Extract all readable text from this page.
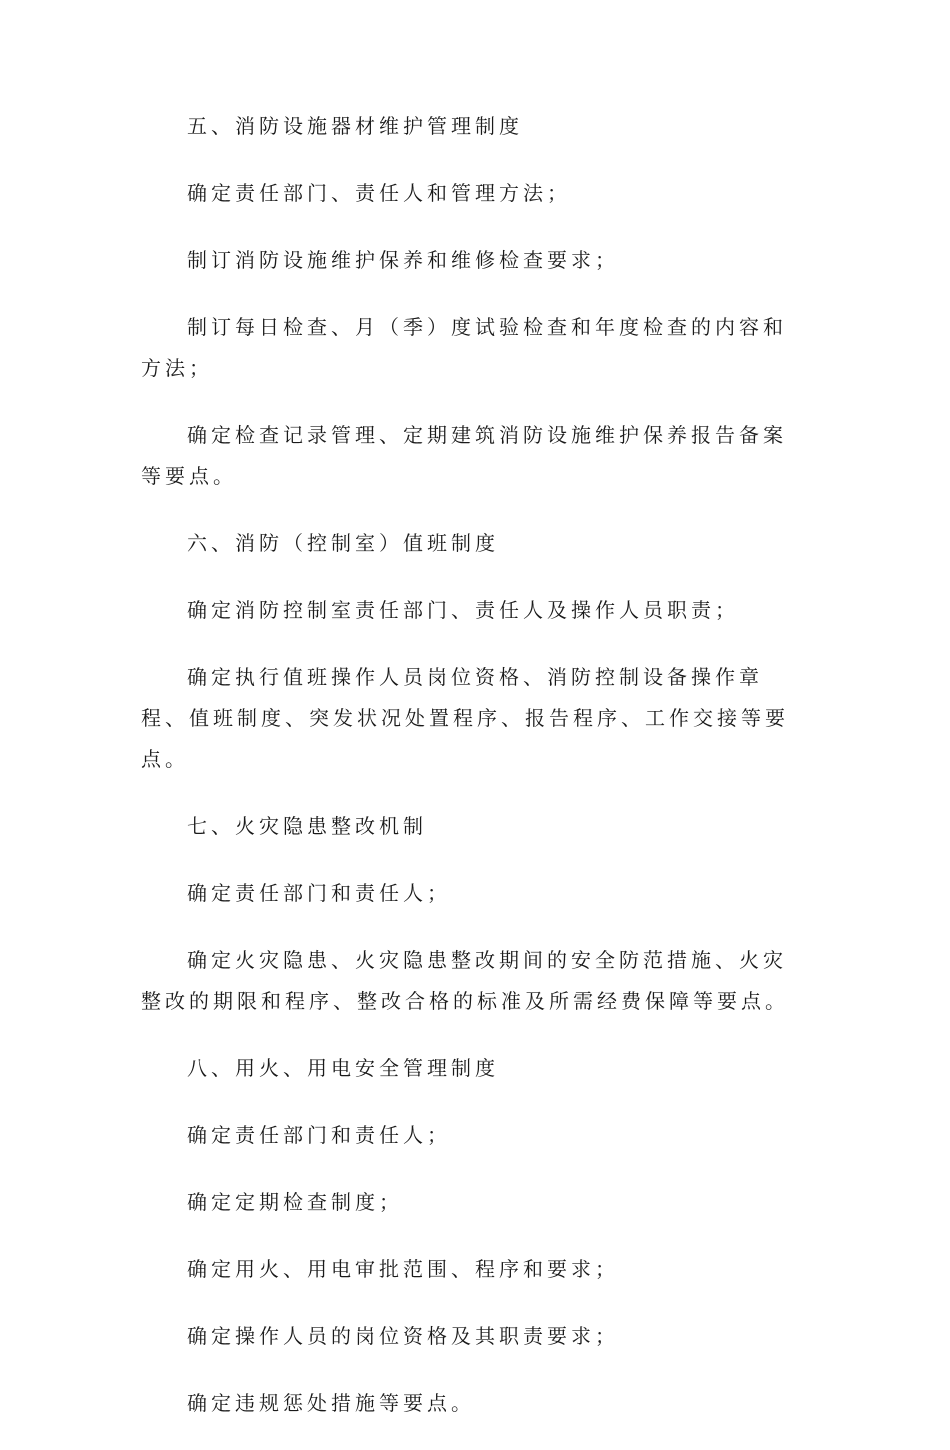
五、消防设施器材维护管理制度

确定责任部门、责任人和管理方法；

制订消防设施维护保养和维修检查要求；

制订每日检查、月（季）度试验检查和年度检查的内容和方法；

确定检查记录管理、定期建筑消防设施维护保养报告备案等要点。

六、消防（控制室）值班制度

确定消防控制室责任部门、责任人及操作人员职责；

确定执行值班操作人员岗位资格、消防控制设备操作章程、值班制度、突发状况处置程序、报告程序、工作交接等要点。

七、火灾隐患整改机制

确定责任部门和责任人；

确定火灾隐患、火灾隐患整改期间的安全防范措施、火灾整改的期限和程序、整改合格的标准及所需经费保障等要点。

八、用火、用电安全管理制度

确定责任部门和责任人；

确定定期检查制度；

确定用火、用电审批范围、程序和要求；

确定操作人员的岗位资格及其职责要求；

确定违规惩处措施等要点。
